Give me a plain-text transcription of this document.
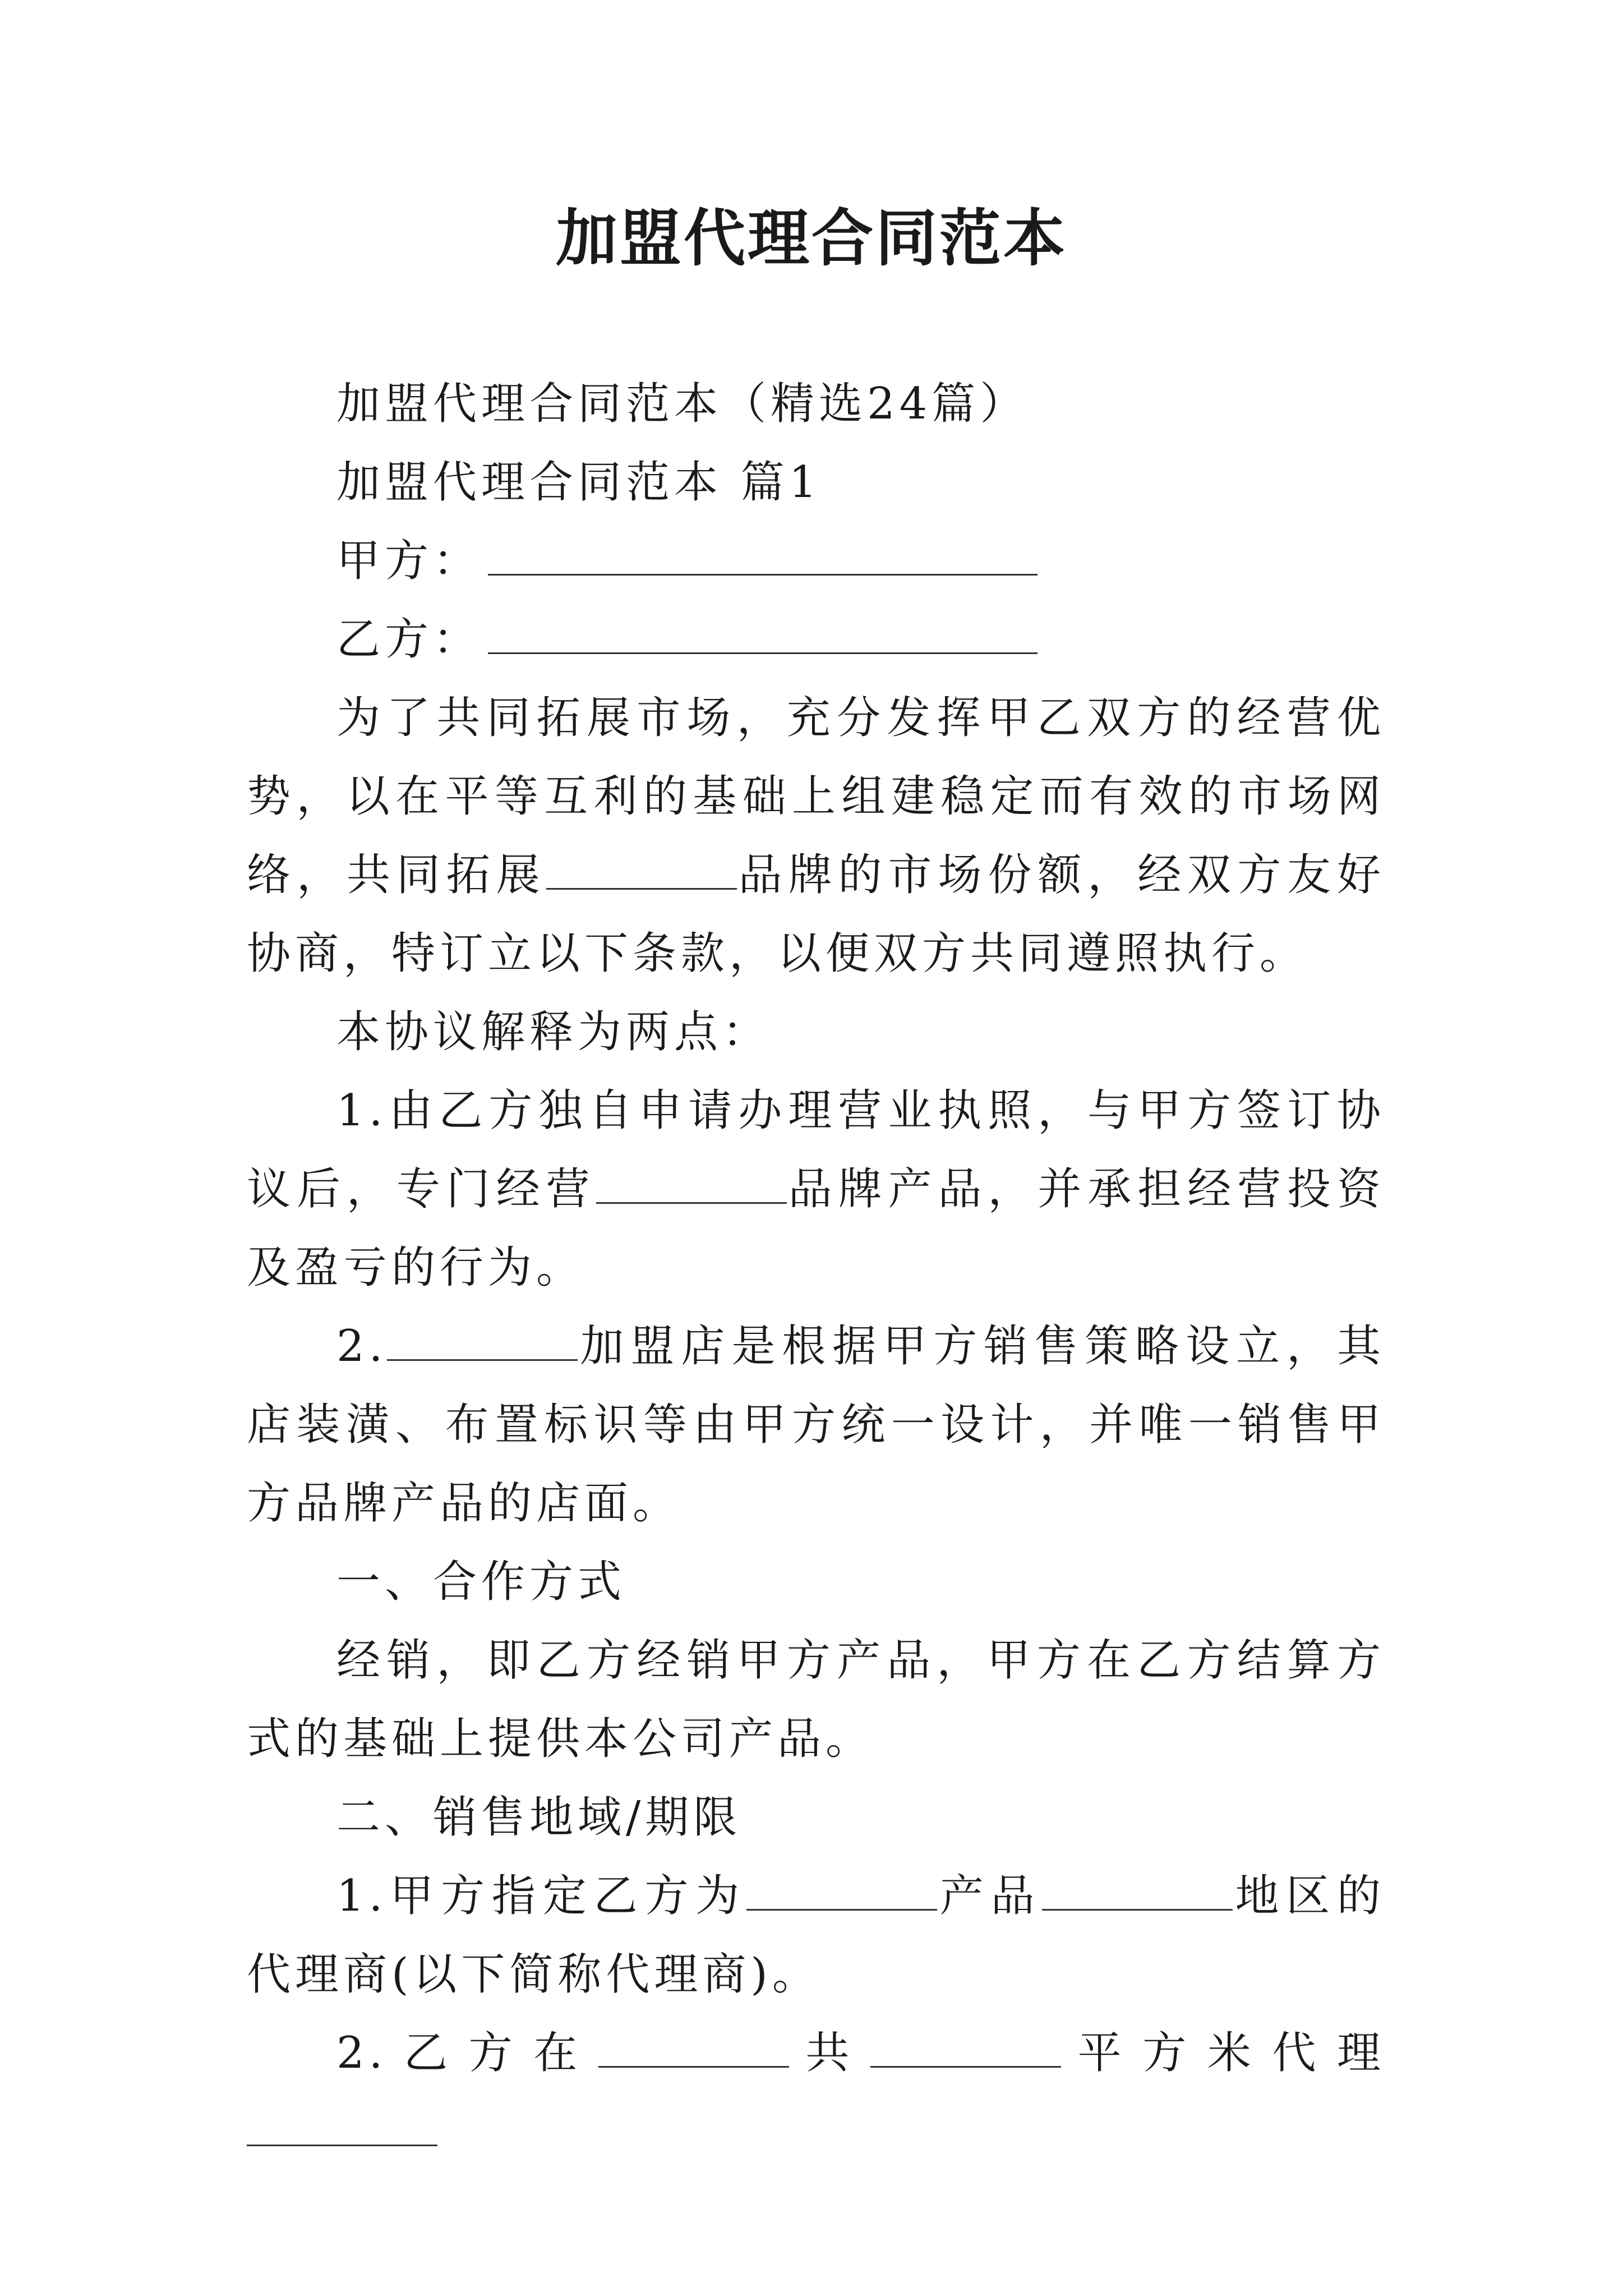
加盟代理合同范本

加盟代理合同范本（精选24篇）

加盟代理合同范本 篇1

甲方：

乙方：

为了共同拓展市场，充分发挥甲乙双方的经营优势，以在平等互利的基础上组建稳定而有效的市场网络，共同拓展	品牌的市场份额，经双方友好协商，特订立以下条款，以便双方共同遵照执行。

本协议解释为两点：

1.由乙方独自申请办理营业执照，与甲方签订协议后，专门经营	品牌产品，并承担经营投资及盈亏的行为。

2.	加盟店是根据甲方销售策略设立，其店装潢、布置标识等由甲方统一设计，并唯一销售甲方品牌产品的店面。

一、合作方式

经销，即乙方经销甲方产品，甲方在乙方结算方式的基础上提供本公司产品。

二、销售地域/期限

1.甲方指定乙方为	产品	地区的代理商(以下简称代理商)。

2.乙方在	共	平方米代理
